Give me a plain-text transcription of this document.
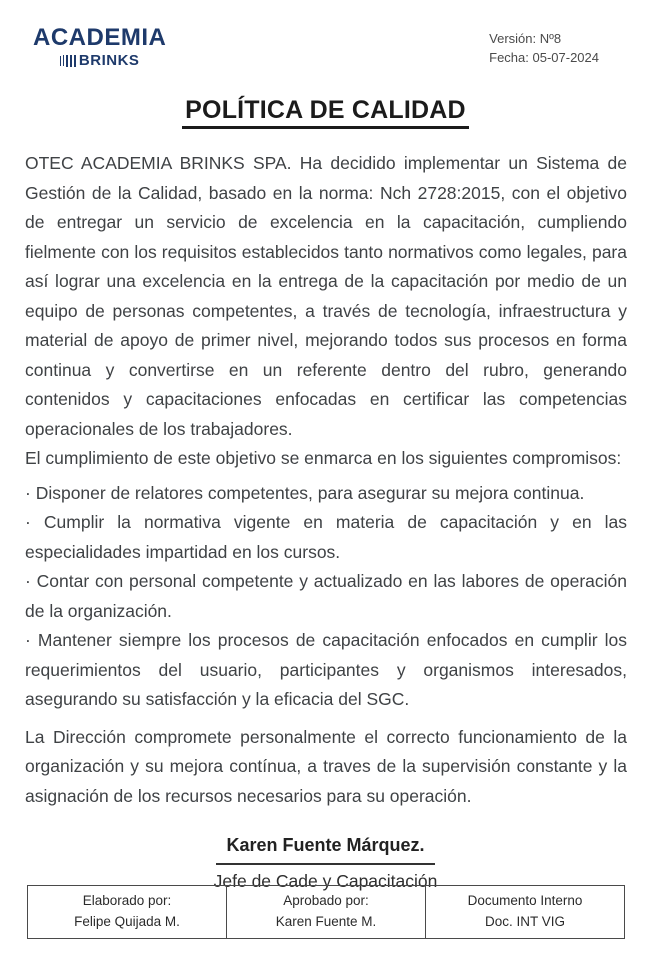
ACADEMIA
BRINKS
Versión: Nº8
Fecha: 05-07-2024
POLÍTICA DE CALIDAD

OTEC ACADEMIA BRINKS SPA. Ha decidido implementar un Sistema de Gestión de la Calidad, basado en la norma: Nch 2728:2015, con el objetivo de entregar un servicio de excelencia en la capacitación, cumpliendo fielmente con los requisitos establecidos tanto normativos como legales, para así lograr una excelencia en la entrega de la capacitación por medio de un equipo de personas competentes, a través de tecnología, infraestructura y material de apoyo de primer nivel, mejorando todos sus procesos en forma continua y convertirse en un referente dentro del rubro, generando contenidos y capacitaciones enfocadas en certificar las competencias operacionales de los trabajadores.

El cumplimiento de este objetivo se enmarca en los siguientes compromisos:

· Disponer de relatores competentes, para asegurar su mejora continua.

· Cumplir la normativa vigente en materia de capacitación y en las especialidades impartidad en los cursos.

· Contar con personal competente y actualizado en las labores de operación de la organización.

· Mantener siempre los procesos de capacitación enfocados en cumplir los requerimientos del usuario, participantes y organismos interesados, asegurando su satisfacción y la eficacia del SGC.

La Dirección compromete personalmente el correcto funcionamiento de la organización y su mejora contínua, a traves de la supervisión constante y la asignación de los recursos necesarios para su operación.

Karen Fuente Márquez.
Jefe de Cade y Capacitación
Elaborado por:
Felipe Quijada M.

Aprobado por:
Karen Fuente M.

Documento Interno
Doc. INT VIG
